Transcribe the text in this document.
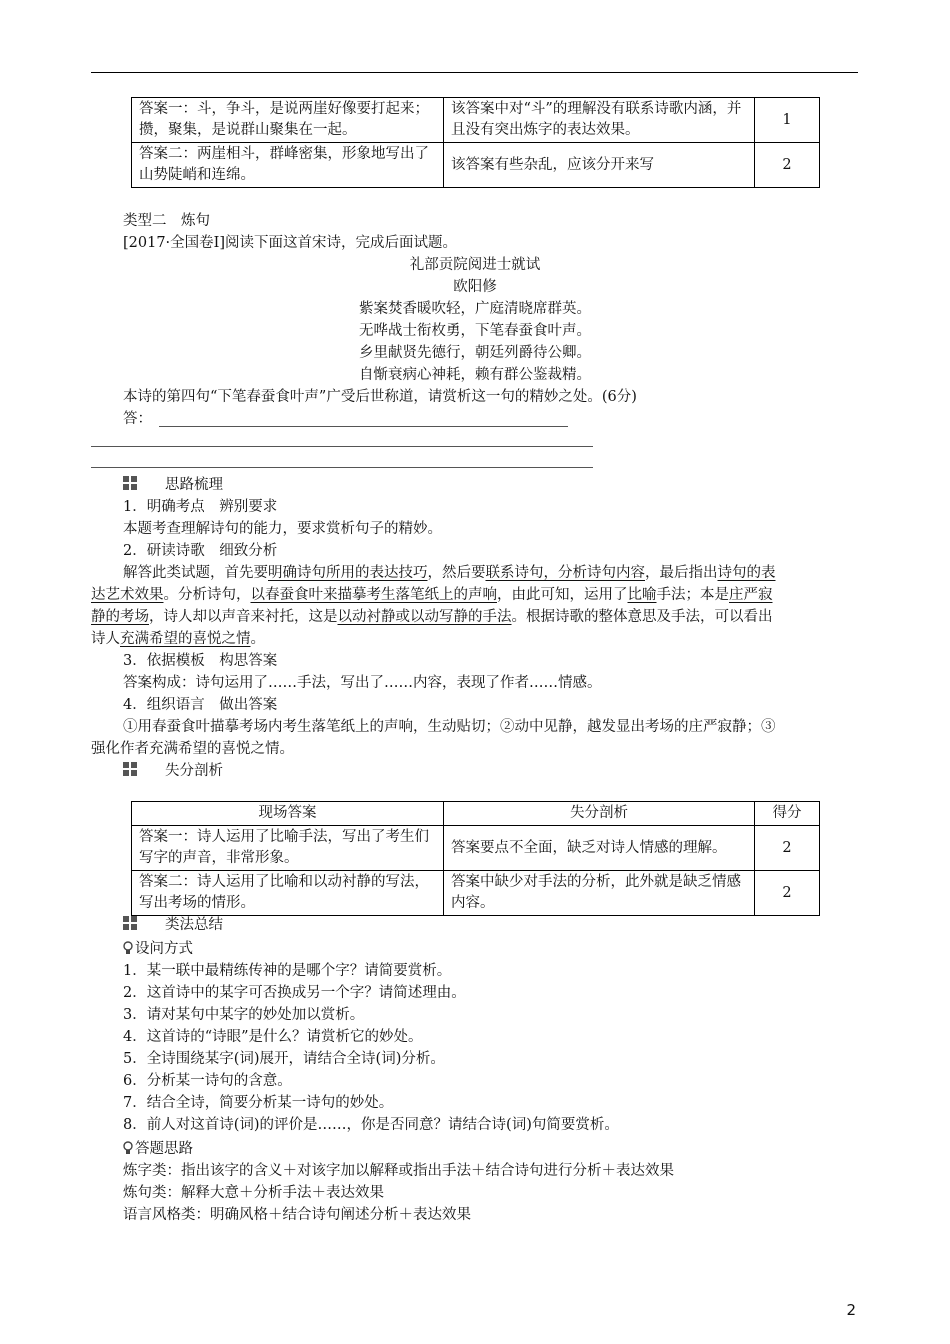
答案一：斗，争斗，是说两崖好像要打起来；攒，聚集，是说群山聚集在一起。	该答案中对“斗”的理解没有联系诗歌内涵，并且没有突出炼字的表达效果。	1
答案二：两崖相斗，群峰密集，形象地写出了山势陡峭和连绵。	该答案有些杂乱，应该分开来写	2
类型二　炼句
[2017·全国卷Ⅰ]阅读下面这首宋诗，完成后面试题。
礼部贡院阅进士就试
欧阳修
紫案焚香暖吹轻，广庭清晓席群英。
无哗战士衔枚勇，下笔春蚕食叶声。
乡里献贤先德行，朝廷列爵待公卿。
自惭衰病心神耗，赖有群公鉴裁精。
本诗的第四句“下笔春蚕食叶声”广受后世称道，请赏析这一句的精妙之处。(6分)
答：
思路梳理
1．明确考点　辨别要求
本题考查理解诗句的能力，要求赏析句子的精妙。
2．研读诗歌　细致分析
解答此类试题，首先要明确诗句所用的表达技巧，然后要联系诗句，分析诗句内容，最后指出诗句的表
达艺术效果。分析诗句，以春蚕食叶来描摹考生落笔纸上的声响，由此可知，运用了比喻手法；本是庄严寂
静的考场，诗人却以声音来衬托，这是以动衬静或以动写静的手法。根据诗歌的整体意思及手法，可以看出
诗人充满希望的喜悦之情。
3．依据模板　构思答案
答案构成：诗句运用了……手法，写出了……内容，表现了作者……情感。
4．组织语言　做出答案
①用春蚕食叶描摹考场内考生落笔纸上的声响，生动贴切；②动中见静，越发显出考场的庄严寂静；③
强化作者充满希望的喜悦之情。
失分剖析
现场答案	失分剖析	得分
答案一：诗人运用了比喻手法，写出了考生们写字的声音，非常形象。	答案要点不全面，缺乏对诗人情感的理解。	2
答案二：诗人运用了比喻和以动衬静的写法，写出考场的情形。	答案中缺少对手法的分析，此外就是缺乏情感内容。	2
类法总结
设问方式
1．某一联中最精练传神的是哪个字？请简要赏析。
2．这首诗中的某字可否换成另一个字？请简述理由。
3．请对某句中某字的妙处加以赏析。
4．这首诗的“诗眼”是什么？请赏析它的妙处。
5．全诗围绕某字(词)展开，请结合全诗(词)分析。
6．分析某一诗句的含意。
7．结合全诗，简要分析某一诗句的妙处。
8．前人对这首诗(词)的评价是……，你是否同意？请结合诗(词)句简要赏析。
答题思路
炼字类：指出该字的含义＋对该字加以解释或指出手法＋结合诗句进行分析＋表达效果
炼句类：解释大意＋分析手法＋表达效果
语言风格类：明确风格＋结合诗句阐述分析＋表达效果
2
